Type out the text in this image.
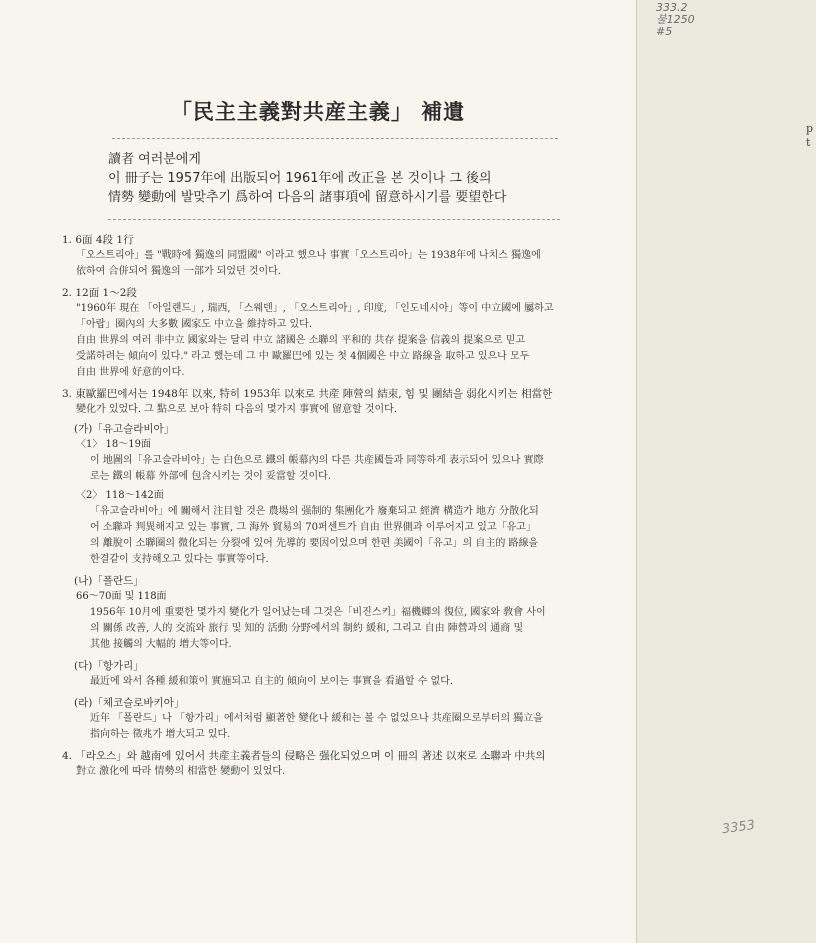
333.2
불1250
#5
3353
p
t
「民主主義對共産主義」 補遺
讀者 여러분에게
이 冊子는 1957年에 出版되어 1961年에 改正을 본 것이나 그 後의
情勢 變動에 발맞추기 爲하여 다음의 諸事項에 留意하시기를 要望한다
1. 6面 4段 1行
「오스트리아」를 "戰時에 獨逸의 同盟國" 이라고 했으나 事實「오스트리아」는 1938年에 나치스 獨逸에
依하여 合併되어 獨逸의 一部가 되었던 것이다.
2. 12面 1～2段
"1960年 現在 「아일랜드」, 瑞西, 「스웨덴」, 「오스트리아」, 印度, 「인도네시아」等이 中立國에 屬하고
「아랍」圈內의 大多數 國家도 中立을 維持하고 있다.
自由 世界의 여러 非中立 國家와는 달리 中立 諸國은 소聯의 平和的 共存 提案을 信義의 提案으로 믿고
受諾하려는 傾向이 있다." 라고 했는데 그 中 歐羅巴에 있는 첫 4個國은 中立 路線을 取하고 있으나 모두
自由 世界에 好意的이다.
3. 東歐羅巴에서는 1948年 以來, 特히 1953年 以來로 共産 陣營의 結束, 힘 및 團結을 弱化시키는 相當한
變化가 있었다. 그 點으로 보아 特히 다음의 몇가지 事實에 留意할 것이다.
(가)「유고슬라비아」
〈1〉 18～19面
이 地圖의「유고슬라비아」는 白色으로 鐵의 帳幕內의 다른 共産國들과 同等하게 表示되어 있으나 實際
로는 鐵의 帳幕 外部에 包含시키는 것이 妥當할 것이다.
〈2〉 118～142面
「유고슬라비아」에 關해서 注目할 것은 農場의 强制的 集團化가 廢棄되고 經濟 構造가 地方 分散化되
어 소聯과 判異해지고 있는 事實, 그 海外 貿易의 70퍼센트가 自由 世界側과 이루어지고 있고「유고」
의 離脫이 소聯圈의 微化되는 分裂에 있어 先導的 要因이었으며 한편 美國이「유고」의 自主的 路線을
한결같이 支持해오고 있다는 事實等이다.
(나)「폴란드」
66～70面 및 118面
1956年 10月에 重要한 몇가지 變化가 일어났는데 그것은「비진스키」福機卿의 復位, 國家와 敎會 사이
의 關係 改善, 人的 交流와 旅行 및 知的 活動 分野에서의 制約 緩和, 그리고 自由 陣營과의 通商 및
其他 接觸의 大幅的 增大等이다.
(다)「항가리」
最近에 와서 各種 緩和策이 實施되고 自主的 傾向이 보이는 事實을 看過할 수 없다.
(라)「체코슬로바키아」
近年 「폴란드」나 「항가리」에서처럼 顯著한 變化나 緩和는 볼 수 없었으나 共産圈으로부터의 獨立을
指向하는 徵兆가 增大되고 있다.
4. 「라오스」와 越南에 있어서 共産主義者들의 侵略은 强化되었으며 이 冊의 著述 以來로 소聯과 中共의
對立 激化에 따라 情勢의 相當한 變動이 있었다.
